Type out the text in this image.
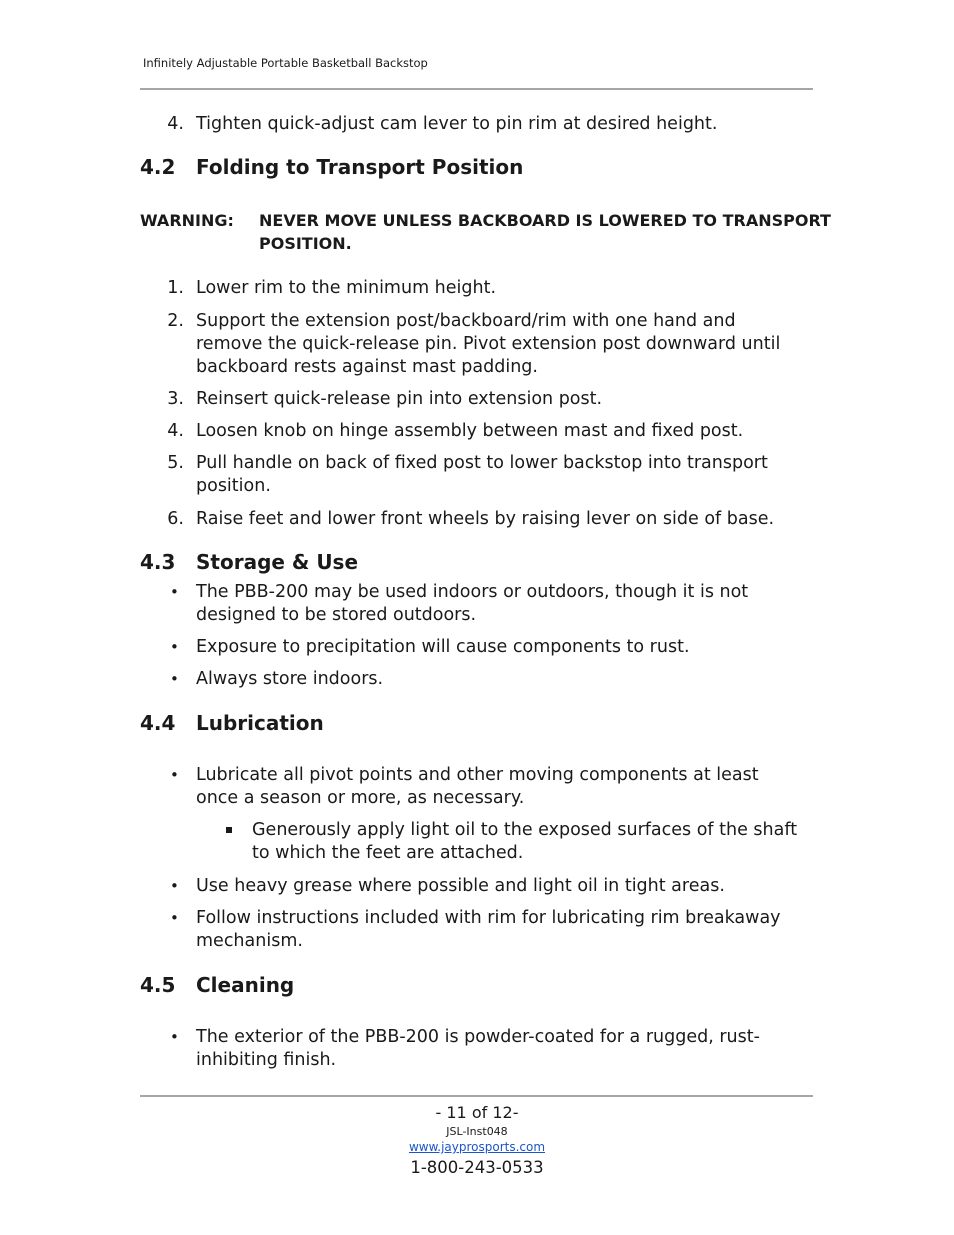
Infinitely Adjustable Portable Basketball Backstop
4. Tighten quick-adjust cam lever to pin rim at desired height.
4.2 Folding to Transport Position
WARNING: NEVER MOVE UNLESS BACKBOARD IS LOWERED TO TRANSPORT
POSITION.
1. Lower rim to the minimum height.
2. Support the extension post/backboard/rim with one hand and
remove the quick-release pin. Pivot extension post downward until
backboard rests against mast padding.
3. Reinsert quick-release pin into extension post.
4. Loosen knob on hinge assembly between mast and fixed post.
5. Pull handle on back of fixed post to lower backstop into transport
position.
6. Raise feet and lower front wheels by raising lever on side of base.
4.3 Storage & Use
• The PBB-200 may be used indoors or outdoors, though it is not
designed to be stored outdoors.
• Exposure to precipitation will cause components to rust.
• Always store indoors.
4.4 Lubrication
• Lubricate all pivot points and other moving components at least
once a season or more, as necessary.
Generously apply light oil to the exposed surfaces of the shaft
to which the feet are attached.
• Use heavy grease where possible and light oil in tight areas.
• Follow instructions included with rim for lubricating rim breakaway
mechanism.
4.5 Cleaning
• The exterior of the PBB-200 is powder-coated for a rugged, rust-
inhibiting finish.
- 11 of 12-
JSL-Inst048
www.jayprosports.com
1-800-243-0533
